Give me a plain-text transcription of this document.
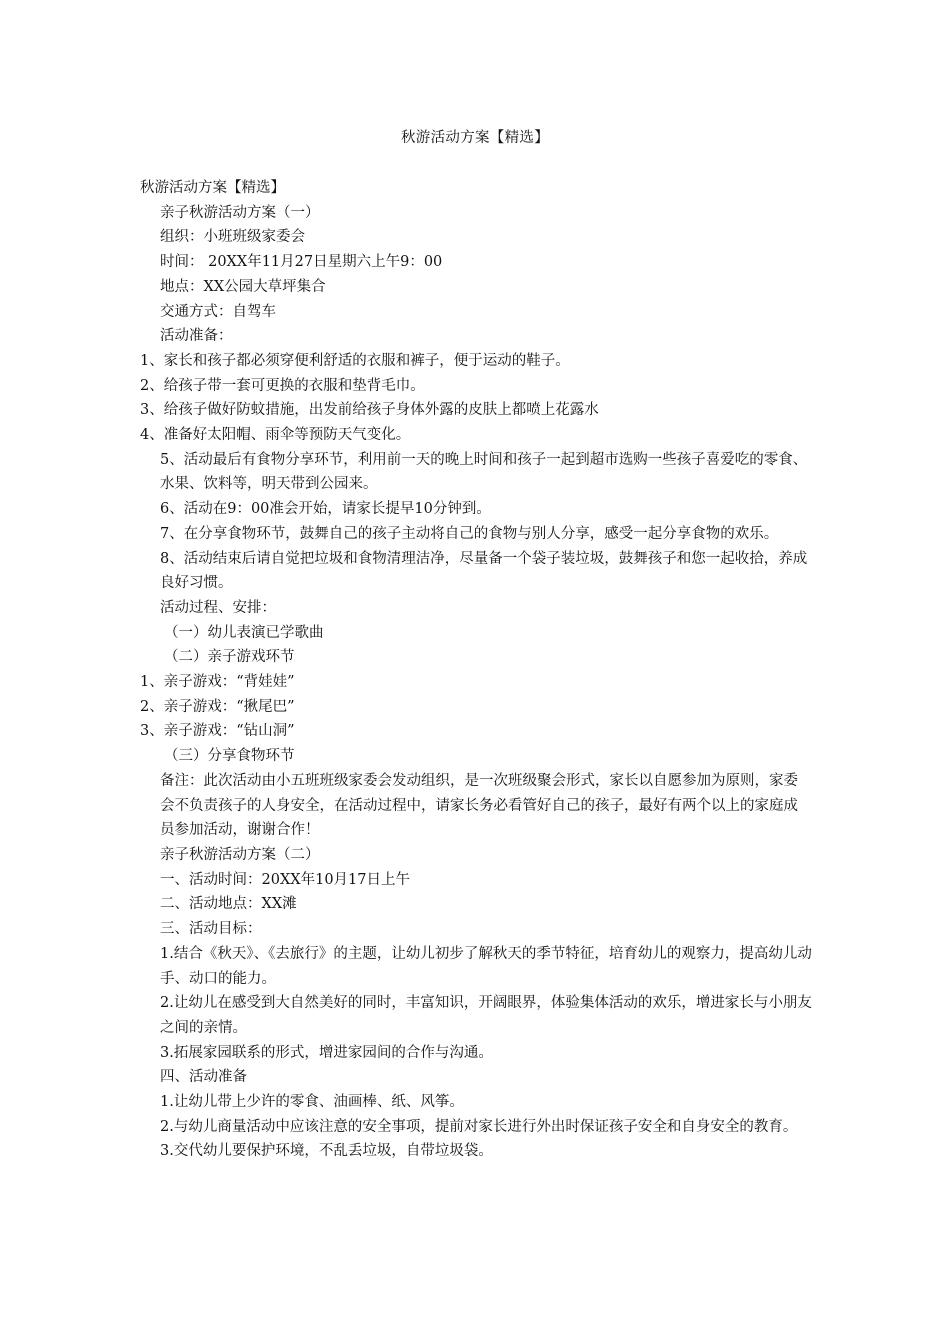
秋游活动方案【精选】

秋游活动方案【精选】

亲子秋游活动方案（一）

组织：小班班级家委会

时间： 20XX年11月27日星期六上午9：00

地点：XX公园大草坪集合

交通方式：自驾车

活动准备：

1、家长和孩子都必须穿便利舒适的衣服和裤子，便于运动的鞋子。

2、给孩子带一套可更换的衣服和垫背毛巾。

3、给孩子做好防蚊措施，出发前给孩子身体外露的皮肤上都喷上花露水

4、准备好太阳帽、雨伞等预防天气变化。

5、活动最后有食物分享环节，利用前一天的晚上时间和孩子一起到超市选购一些孩子喜爱吃的零食、水果、饮料等，明天带到公园来。

6、活动在9：00准会开始，请家长提早10分钟到。

7、在分享食物环节，鼓舞自己的孩子主动将自己的食物与别人分享，感受一起分享食物的欢乐。

8、活动结束后请自觉把垃圾和食物清理洁净，尽量备一个袋子装垃圾，鼓舞孩子和您一起收拾，养成良好习惯。

活动过程、安排：

（一）幼儿表演已学歌曲

（二）亲子游戏环节

1、亲子游戏：“背娃娃”

2、亲子游戏：“揪尾巴”

3、亲子游戏：“钻山洞”

（三）分享食物环节

备注：此次活动由小五班班级家委会发动组织，是一次班级聚会形式，家长以自愿参加为原则，家委会不负责孩子的人身安全，在活动过程中，请家长务必看管好自己的孩子，最好有两个以上的家庭成员参加活动，谢谢合作！

亲子秋游活动方案（二）

一、活动时间：20XX年10月17日上午

二、活动地点：XX滩

三、活动目标：

1.结合《秋天》、《去旅行》的主题，让幼儿初步了解秋天的季节特征，培育幼儿的观察力，提高幼儿动手、动口的能力。

2.让幼儿在感受到大自然美好的同时，丰富知识，开阔眼界，体验集体活动的欢乐，增进家长与小朋友之间的亲情。

3.拓展家园联系的形式，增进家园间的合作与沟通。

四、活动准备

1.让幼儿带上少许的零食、油画棒、纸、风筝。

2.与幼儿商量活动中应该注意的安全事项，提前对家长进行外出时保证孩子安全和自身安全的教育。

3.交代幼儿要保护环境，不乱丢垃圾，自带垃圾袋。
